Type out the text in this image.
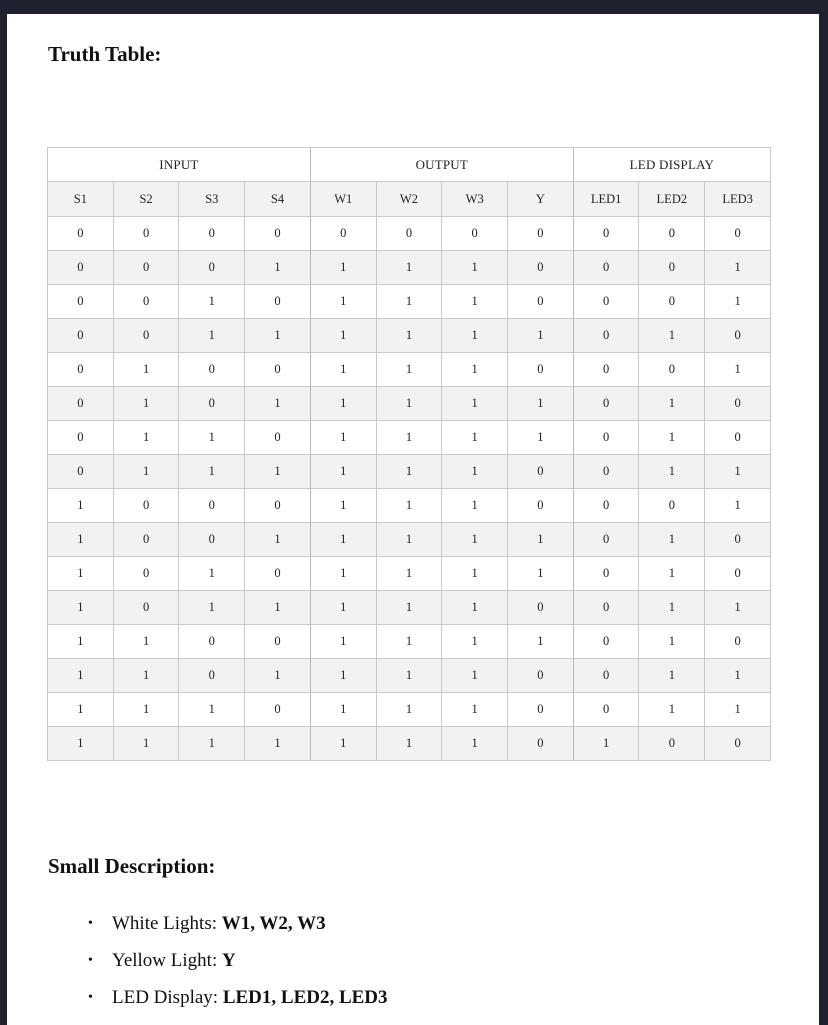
Truth Table:
INPUT				OUTPUT				LED DISPLAY		
S1	S2	S3	S4	W1	W2	W3	Y	LED1	LED2	LED3
0	0	0	0	0	0	0	0	0	0	0
0	0	0	1	1	1	1	0	0	0	1
0	0	1	0	1	1	1	0	0	0	1
0	0	1	1	1	1	1	1	0	1	0
0	1	0	0	1	1	1	0	0	0	1
0	1	0	1	1	1	1	1	0	1	0
0	1	1	0	1	1	1	1	0	1	0
0	1	1	1	1	1	1	0	0	1	1
1	0	0	0	1	1	1	0	0	0	1
1	0	0	1	1	1	1	1	0	1	0
1	0	1	0	1	1	1	1	0	1	0
1	0	1	1	1	1	1	0	0	1	1
1	1	0	0	1	1	1	1	0	1	0
1	1	0	1	1	1	1	0	0	1	1
1	1	1	0	1	1	1	0	0	1	1
1	1	1	1	1	1	1	0	1	0	0
Small Description:
• White Lights: W1, W2, W3
• Yellow Light: Y
• LED Display: LED1, LED2, LED3
